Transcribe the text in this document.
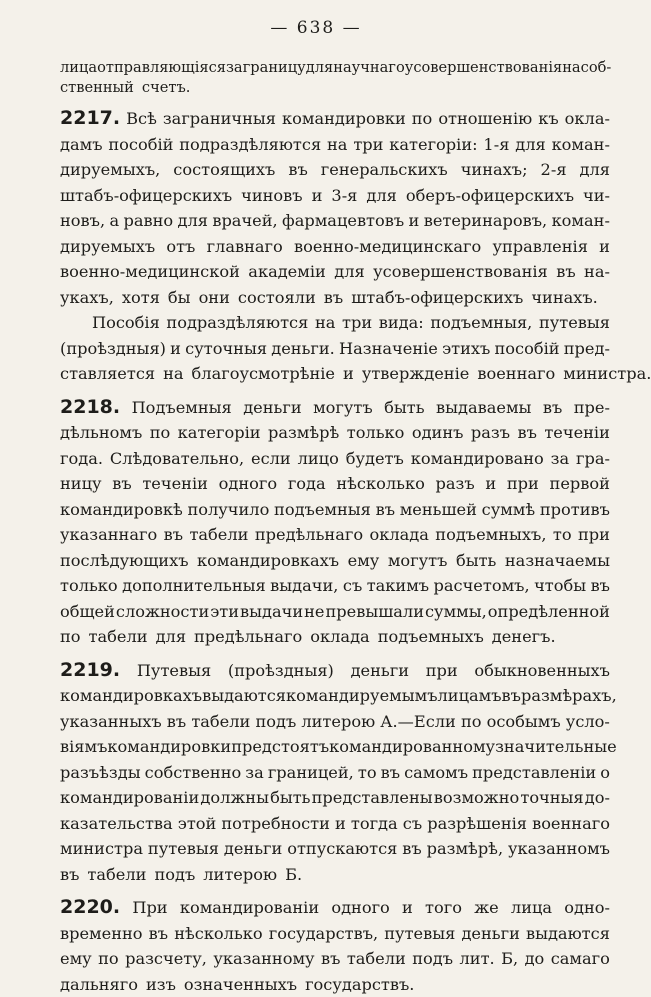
— 638 —
лица отправляющіяся за границу для научнаго усовершенствованія на соб-
ственный счетъ.
2217. Всѣ заграничныя командировки по отношенію къ окла-
дамъ пособій подраздѣляются на три категоріи: 1-я для коман-
дируемыхъ, состоящихъ въ генеральскихъ чинахъ; 2-я для
штабъ-офицерскихъ чиновъ и 3-я для оберъ-офицерскихъ чи-
новъ, а равно для врачей, фармацевтовъ и ветеринаровъ, коман-
дируемыхъ отъ главнаго военно-медицинскаго управленія и
военно-медицинской академіи для усовершенствованія въ на-
укахъ, хотя бы они состояли въ штабъ-офицерскихъ чинахъ.
Пособія подраздѣляются на три вида: подъемныя, путевыя
(проѣздныя) и суточныя деньги. Назначеніе этихъ пособій пред-
ставляется на благоусмотрѣніе и утвержденіе военнаго министра.
2218. Подъемныя деньги могутъ быть выдаваемы въ пре-
дѣльномъ по категоріи размѣрѣ только одинъ разъ въ теченіи
года. Слѣдовательно, если лицо будетъ командировано за гра-
ницу въ теченіи одного года нѣсколько разъ и при первой
командировкѣ получило подъемныя въ меньшей суммѣ противъ
указаннаго въ табели предѣльнаго оклада подъемныхъ, то при
послѣдующихъ командировкахъ ему могутъ быть назначаемы
только дополнительныя выдачи, съ такимъ расчетомъ, чтобы въ
общей сложности эти выдачи не превышали суммы, опредѣленной
по табели для предѣльнаго оклада подъемныхъ денегъ.
2219. Путевыя (проѣздныя) деньги при обыкновенныхъ
командировкахъ выдаются командируемымъ лицамъ въ размѣрахъ,
указанныхъ въ табели подъ литерою А.—Если по особымъ усло-
віямъ командировки предстоятъ командированному значительные
разъѣзды собственно за границей, то въ самомъ представленіи о
командированіи должны быть представлены возможно точныя до-
казательства этой потребности и тогда съ разрѣшенія военнаго
министра путевыя деньги отпускаются въ размѣрѣ, указанномъ
въ табели подъ литерою Б.
2220. При командированіи одного и того же лица одно-
временно въ нѣсколько государствъ, путевыя деньги выдаются
ему по разсчету, указанному въ табели подъ лит. Б, до самаго
дальняго изъ означенныхъ государствъ.
